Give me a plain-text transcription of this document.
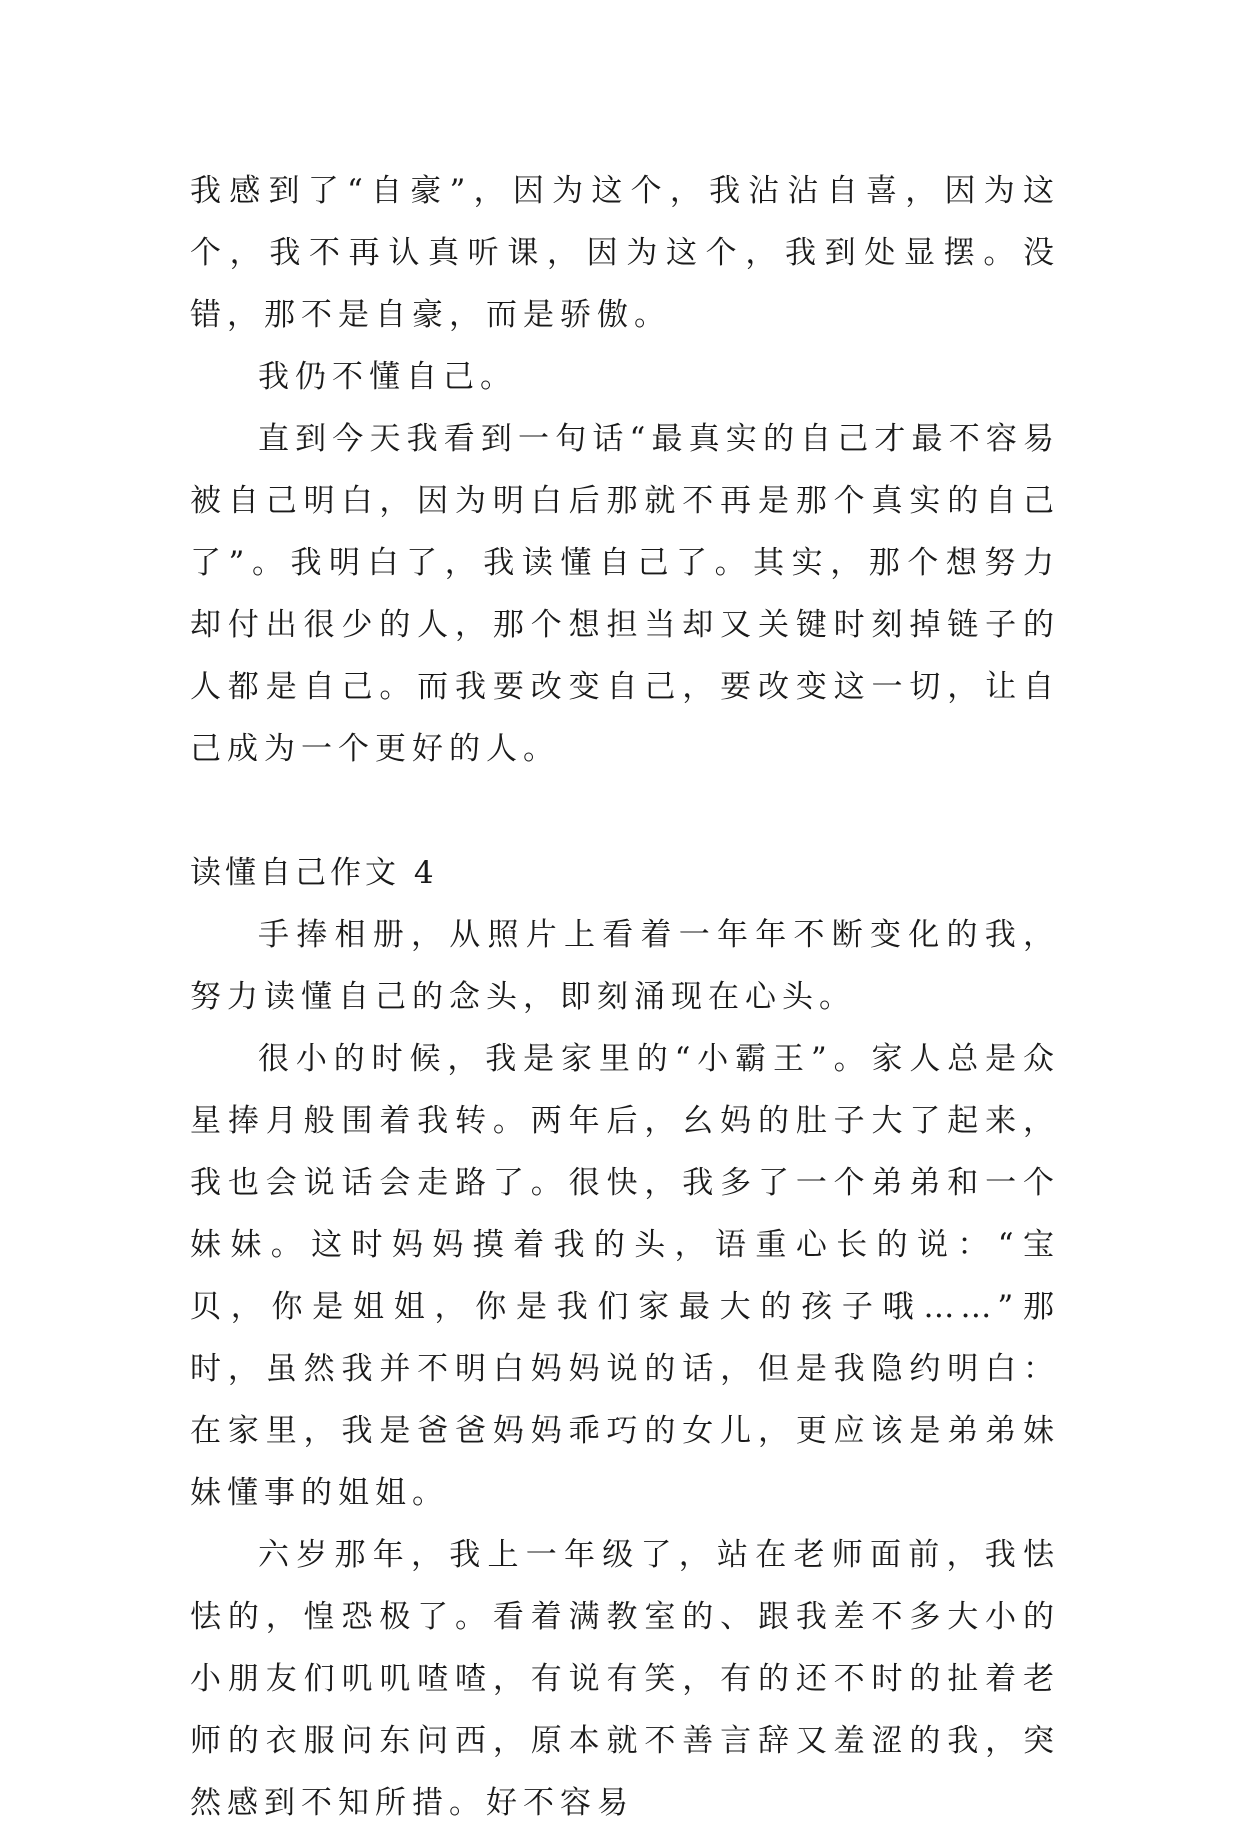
我感到了“自豪”，因为这个，我沾沾自喜，因为这个，我不再认真听课，因为这个，我到处显摆。没错，那不是自豪，而是骄傲。

我仍不懂自己。

直到今天我看到一句话“最真实的自己才最不容易被自己明白，因为明白后那就不再是那个真实的自己了”。我明白了，我读懂自己了。其实，那个想努力却付出很少的人，那个想担当却又关键时刻掉链子的人都是自己。而我要改变自己，要改变这一切，让自己成为一个更好的人。

读懂自己作文 4

手捧相册，从照片上看着一年年不断变化的我，努力读懂自己的念头，即刻涌现在心头。

很小的时候，我是家里的“小霸王”。家人总是众星捧月般围着我转。两年后，幺妈的肚子大了起来，我也会说话会走路了。很快，我多了一个弟弟和一个妹妹。这时妈妈摸着我的头，语重心长的说：“宝贝，你是姐姐，你是我们家最大的孩子哦……”那时，虽然我并不明白妈妈说的话，但是我隐约明白：在家里，我是爸爸妈妈乖巧的女儿，更应该是弟弟妹妹懂事的姐姐。

六岁那年，我上一年级了，站在老师面前，我怯怯的，惶恐极了。看着满教室的、跟我差不多大小的小朋友们叽叽喳喳，有说有笑，有的还不时的扯着老师的衣服问东问西，原本就不善言辞又羞涩的我，突然感到不知所措。好不容易
